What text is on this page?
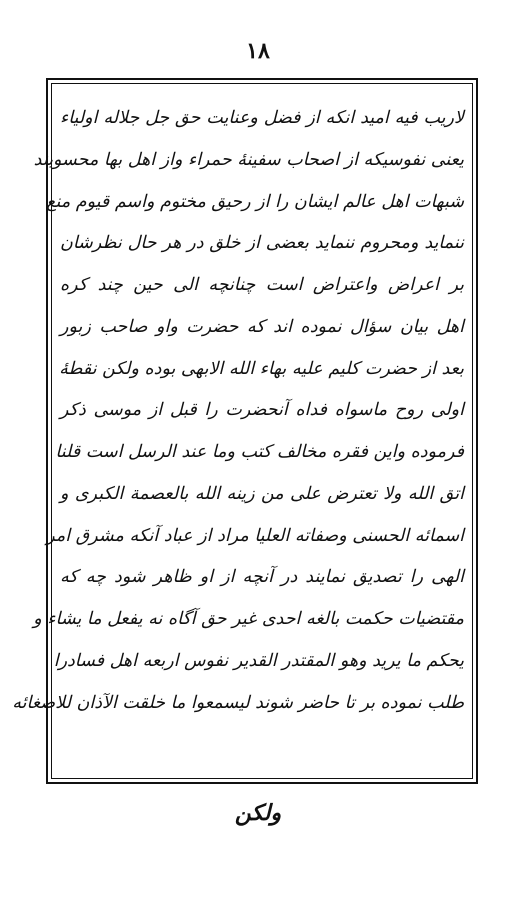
١٨
لاریب فیه امید انکه از فضل وعنایت حق جل جلاله اولیاء
یعنی نفوسیکه از اصحاب سفینهٔ حمراء واز اهل بها محسوبند
شبهات اهل عالم ایشان را از رحیق مختوم واسم قیوم منع
ننماید ومحروم ننماید بعضی از خلق در هر حال نظرشان
بر اعراض واعتراض است چنانچه الی حین چند کره
اهل بیان سؤال نموده اند که حضرت واو صاحب زبور
بعد از حضرت کلیم علیه بهاء الله الابهی بوده ولکن نقطهٔ
اولی روح ماسواه فداه آنحضرت را قبل از موسی ذکر
فرموده واین فقره مخالف کتب وما عند الرسل است قلنا
اتق الله ولا تعترض علی من زینه الله بالعصمة الکبری و
اسمائه الحسنی وصفاته العلیا مراد از عباد آنکه مشرق امر
الهی را تصدیق نمایند در آنچه از او ظاهر شود چه که
مقتضیات حکمت بالغه احدی غیر حق آگاه نه یفعل ما یشاء و
یحکم ما یرید وهو المقتدر القدیر نفوس اربعه اهل فسادرا
طلب نموده بر تا حاضر شوند لیسمعوا ما خلقت الآذان للاصغائه
ولکن
